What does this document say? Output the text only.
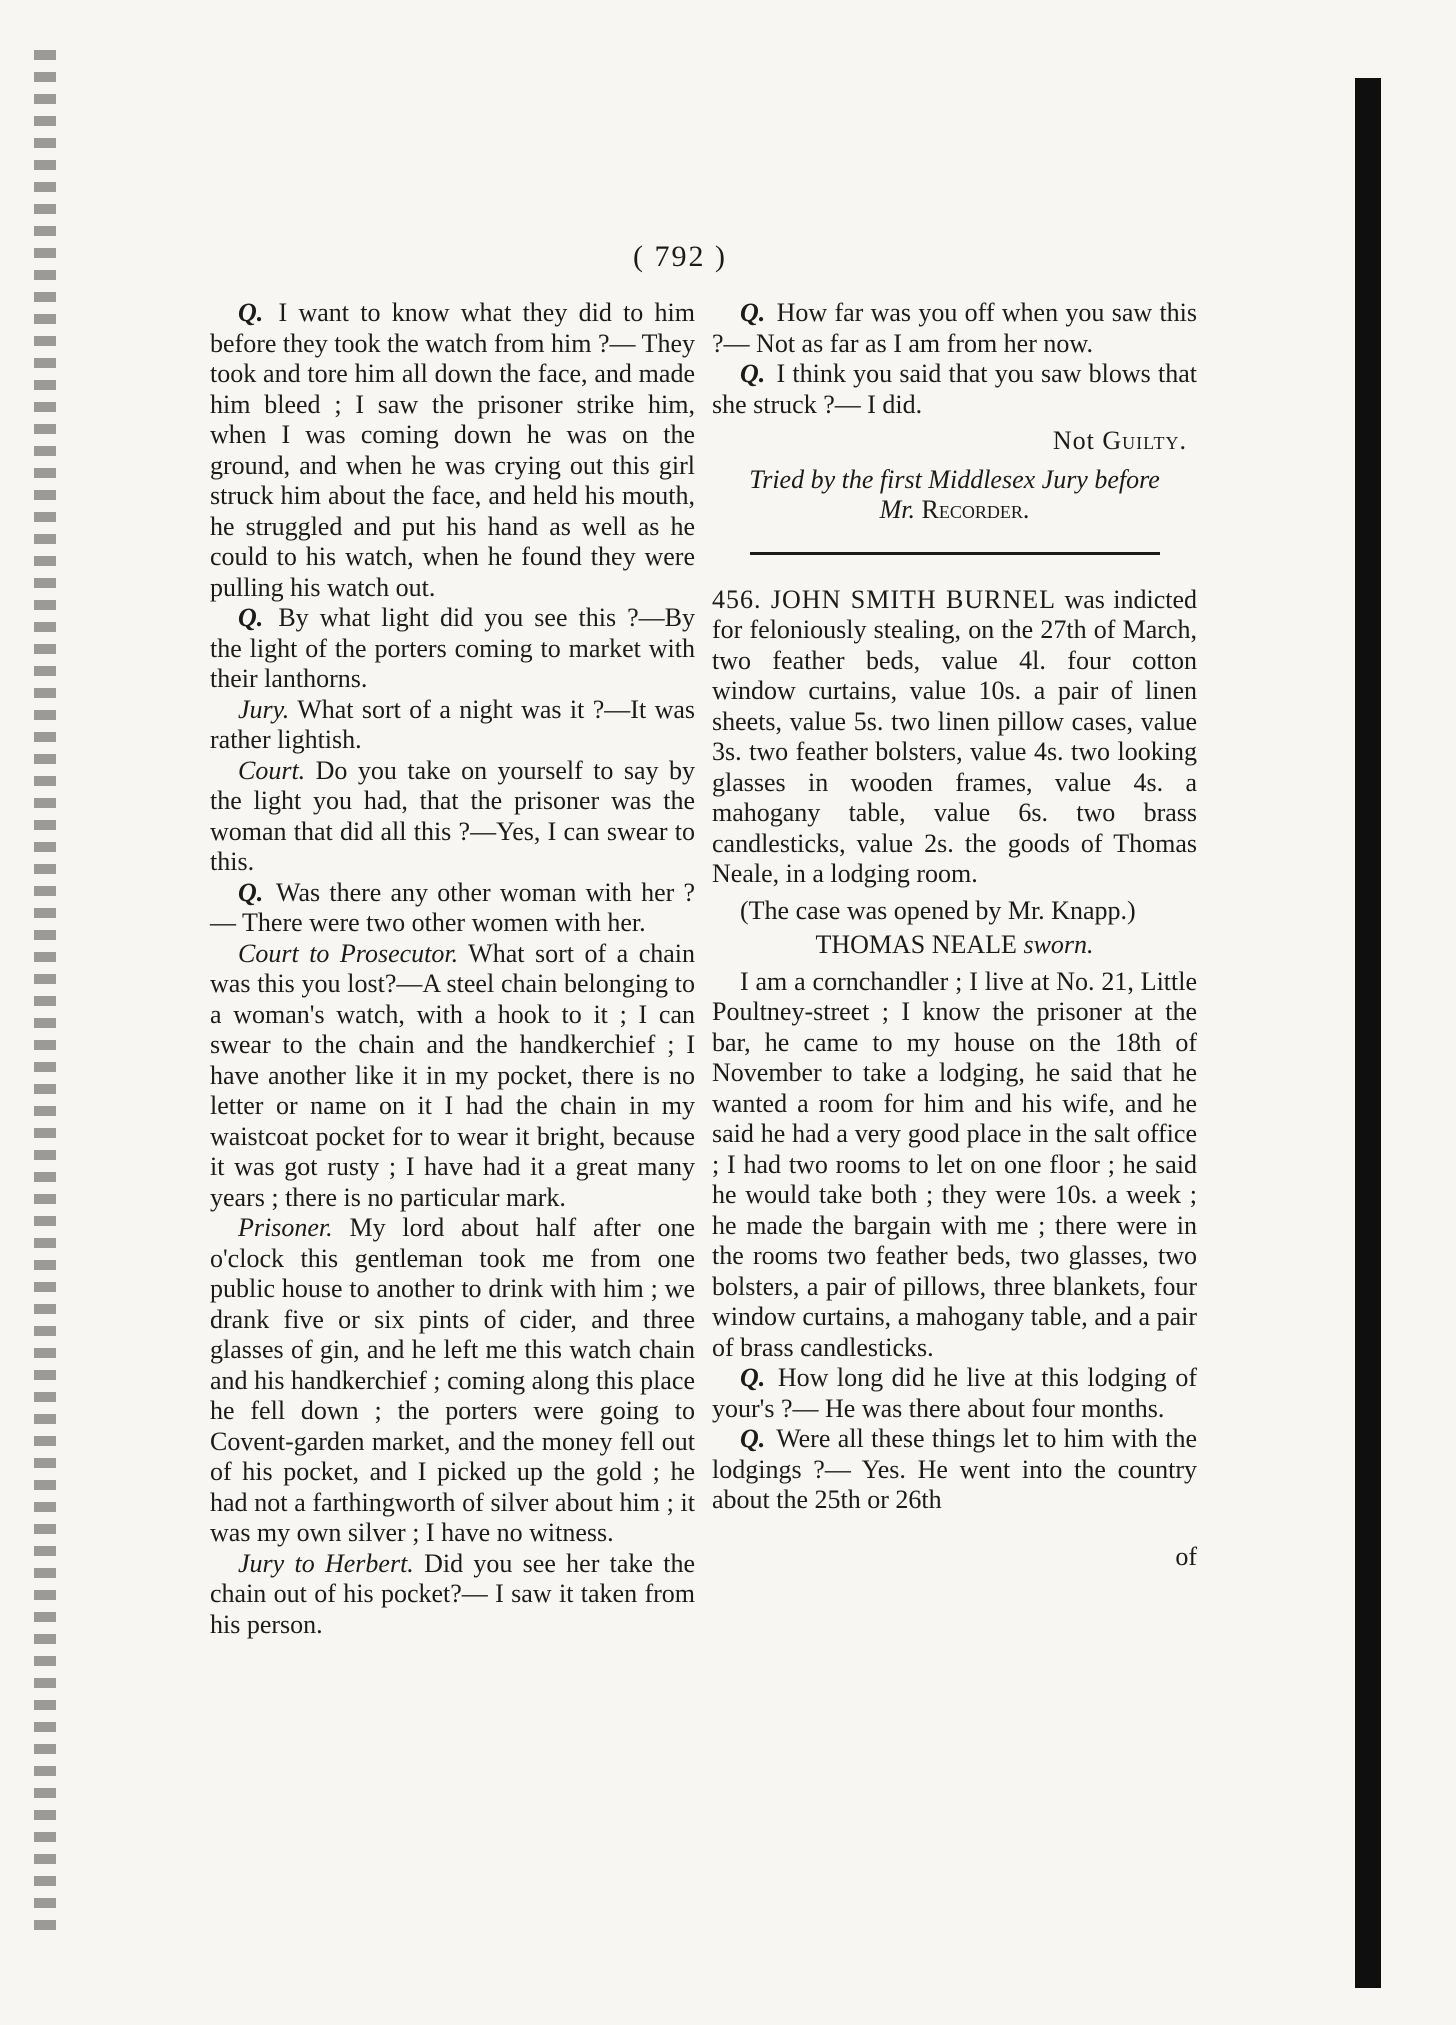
( 792 )

Q. I want to know what they did to him before they took the watch from him ?— They took and tore him all down the face, and made him bleed ; I saw the prisoner strike him, when I was coming down he was on the ground, and when he was crying out this girl struck him about the face, and held his mouth, he struggled and put his hand as well as he could to his watch, when he found they were pulling his watch out.

Q. By what light did you see this ?—By the light of the porters coming to market with their lanthorns.

Jury. What sort of a night was it ?—It was rather lightish.

Court. Do you take on yourself to say by the light you had, that the prisoner was the woman that did all this ?—Yes, I can swear to this.

Q. Was there any other woman with her ?— There were two other women with her.

Court to Prosecutor. What sort of a chain was this you lost?—A steel chain belonging to a woman's watch, with a hook to it ; I can swear to the chain and the handkerchief ; I have another like it in my pocket, there is no letter or name on it I had the chain in my waistcoat pocket for to wear it bright, because it was got rusty ; I have had it a great many years ; there is no particular mark.

Prisoner. My lord about half after one o'clock this gentleman took me from one public house to another to drink with him ; we drank five or six pints of cider, and three glasses of gin, and he left me this watch chain and his handkerchief ; coming along this place he fell down ; the porters were going to Covent-garden market, and the money fell out of his pocket, and I picked up the gold ; he had not a farthingworth of silver about him ; it was my own silver ; I have no witness.

Jury to Herbert. Did you see her take the chain out of his pocket?— I saw it taken from his person.

Q. How far was you off when you saw this ?— Not as far as I am from her now.

Q. I think you said that you saw blows that she struck ?— I did.

Not Guilty.

Tried by the first Middlesex Jury before
Mr. Recorder.

456. JOHN SMITH BURNEL was indicted for feloniously stealing, on the 27th of March, two feather beds, value 4l. four cotton window curtains, value 10s. a pair of linen sheets, value 5s. two linen pillow cases, value 3s. two feather bolsters, value 4s. two looking glasses in wooden frames, value 4s. a mahogany table, value 6s. two brass candlesticks, value 2s. the goods of Thomas Neale, in a lodging room.

(The case was opened by Mr. Knapp.)

THOMAS NEALE sworn.

I am a cornchandler ; I live at No. 21, Little Poultney-street ; I know the prisoner at the bar, he came to my house on the 18th of November to take a lodging, he said that he wanted a room for him and his wife, and he said he had a very good place in the salt office ; I had two rooms to let on one floor ; he said he would take both ; they were 10s. a week ; he made the bargain with me ; there were in the rooms two feather beds, two glasses, two bolsters, a pair of pillows, three blankets, four window curtains, a mahogany table, and a pair of brass candlesticks.

Q. How long did he live at this lodging of your's ?— He was there about four months.

Q. Were all these things let to him with the lodgings ?— Yes. He went into the country about the 25th or 26th

of
